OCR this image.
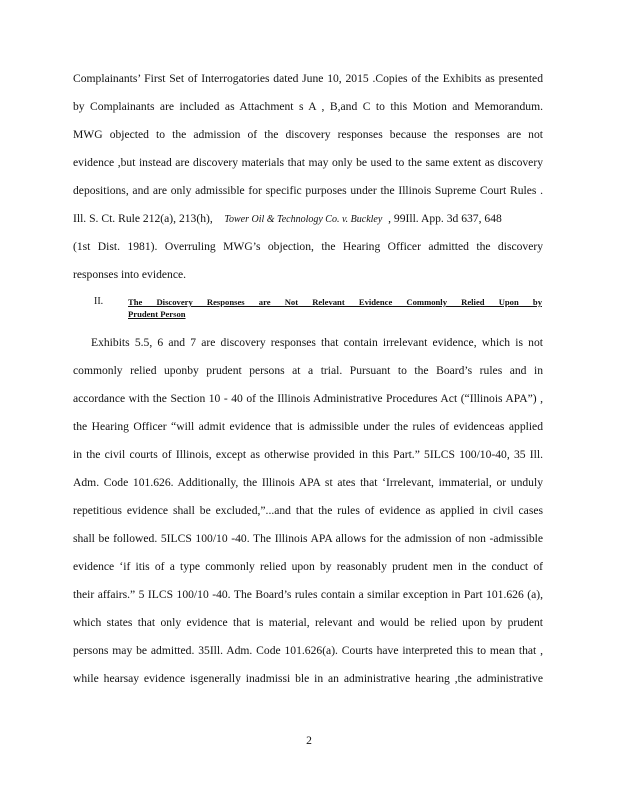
Complainants’ First Set of Interrogatories dated June 10, 2015 .Copies of the Exhibits as presented
by Complainants are included as Attachment s A , B,and C to this Motion and Memorandum.
MWG objected to the admission of the discovery responses because the responses are not
evidence ,but instead are discovery materials that may only be used to the same extent as discovery
depositions, and are only admissible for specific purposes under the Illinois Supreme Court Rules .
Ill. S. Ct. Rule 212(a), 213(h), Tower Oil & Technology Co. v. Buckley , 99Ill. App. 3d 637, 648
(1st Dist. 1981). Overruling MWG’s objection, the Hearing Officer admitted the discovery
responses into evidence.
II.	The Discovery Responses are Not Relevant Evidence Commonly Relied Upon by
Prudent Person
Exhibits 5.5, 6 and 7 are discovery responses that contain irrelevant evidence, which is not
commonly relied uponby prudent persons at a trial. Pursuant to the Board’s rules and in
accordance with the Section 10 - 40 of the Illinois Administrative Procedures Act (“Illinois APA”) ,
the Hearing Officer “will admit evidence that is admissible under the rules of evidenceas applied
in the civil courts of Illinois, except as otherwise provided in this Part.” 5ILCS 100/10-40, 35 Ill.
Adm. Code 101.626. Additionally, the Illinois APA st ates that ‘Irrelevant, immaterial, or unduly
repetitious evidence shall be excluded,”...and that the rules of evidence as applied in civil cases
shall be followed. 5ILCS 100/10 -40. The Illinois APA allows for the admission of non -admissible
evidence ‘if itis of a type commonly relied upon by reasonably prudent men in the conduct of
their affairs.” 5 ILCS 100/10 -40. The Board’s rules contain a similar exception in Part 101.626 (a),
which states that only evidence that is material, relevant and would be relied upon by prudent
persons may be admitted. 35Ill. Adm. Code 101.626(a). Courts have interpreted this to mean that ,
while hearsay evidence isgenerally inadmissi ble in an administrative hearing ,the administrative
2
